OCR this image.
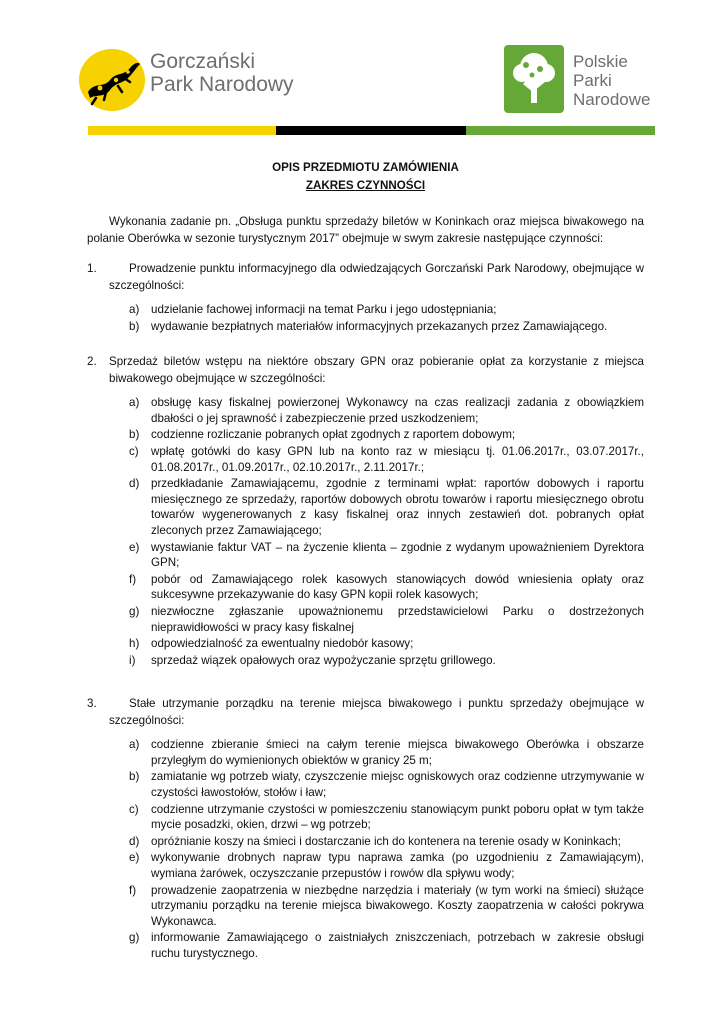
Gorczański
Park Narodowy
Polskie
Parki
Narodowe

OPIS PRZEDMIOTU ZAMÓWIENIA

ZAKRES CZYNNOŚCI

Wykonania zadanie pn. „Obsługa punktu sprzedaży biletów w Koninkach oraz miejsca biwakowego na polanie Oberówka w sezonie turystycznym 2017” obejmuje w swym zakresie następujące czynności:

1.	Prowadzenie punktu informacyjnego dla odwiedzających Gorczański Park Narodowy, obejmujące w szczególności:
a) udzielanie fachowej informacji na temat Parku i jego udostępniania;
b) wydawanie bezpłatnych materiałów informacyjnych przekazanych przez Zamawiającego.
2. Sprzedaż biletów wstępu na niektóre obszary GPN oraz pobieranie opłat za korzystanie z miejsca biwakowego obejmujące w szczególności:
a) obsługę kasy fiskalnej powierzonej Wykonawcy na czas realizacji zadania z obowiązkiem dbałości o jej sprawność i zabezpieczenie przed uszkodzeniem;
b) codzienne rozliczanie pobranych opłat zgodnych z raportem dobowym;
c) wpłatę gotówki do kasy GPN lub na konto raz w miesiącu tj. 01.06.2017r., 03.07.2017r., 01.08.2017r., 01.09.2017r., 02.10.2017r., 2.11.2017r.;
d) przedkładanie Zamawiającemu, zgodnie z terminami wpłat: raportów dobowych i raportu miesięcznego ze sprzedaży, raportów dobowych obrotu towarów i raportu miesięcznego obrotu towarów wygenerowanych z kasy fiskalnej oraz innych zestawień dot. pobranych opłat zleconych przez Zamawiającego;
e) wystawianie faktur VAT – na życzenie klienta – zgodnie z wydanym upoważnieniem Dyrektora GPN;
f) pobór od Zamawiającego rolek kasowych stanowiących dowód wniesienia opłaty oraz sukcesywne przekazywanie do kasy GPN kopii rolek kasowych;
g) niezwłoczne zgłaszanie upoważnionemu przedstawicielowi Parku o dostrzeżonych nieprawidłowości w pracy kasy fiskalnej
h) odpowiedzialność za ewentualny niedobór kasowy;
i) sprzedaż wiązek opałowych oraz wypożyczanie sprzętu grillowego.
3.	Stałe utrzymanie porządku na terenie miejsca biwakowego i punktu sprzedaży obejmujące w szczególności:
a) codzienne zbieranie śmieci na całym terenie miejsca biwakowego Oberówka i obszarze przyległym do wymienionych obiektów w granicy 25 m;
b) zamiatanie wg potrzeb wiaty, czyszczenie miejsc ogniskowych oraz codzienne utrzymywanie w czystości ławostołów, stołów i ław;
c) codzienne utrzymanie czystości w pomieszczeniu stanowiącym punkt poboru opłat w tym także mycie posadzki, okien, drzwi – wg potrzeb;
d) opróżnianie koszy na śmieci i dostarczanie ich do kontenera na terenie osady w Koninkach;
e) wykonywanie drobnych napraw typu naprawa zamka (po uzgodnieniu z Zamawiającym), wymiana żarówek, oczyszczanie przepustów i rowów dla spływu wody;
f) prowadzenie zaopatrzenia w niezbędne narzędzia i materiały (w tym worki na śmieci) służące utrzymaniu porządku na terenie miejsca biwakowego. Koszty zaopatrzenia w całości pokrywa Wykonawca.
g) informowanie Zamawiającego o zaistniałych zniszczeniach, potrzebach w zakresie obsługi ruchu turystycznego.
